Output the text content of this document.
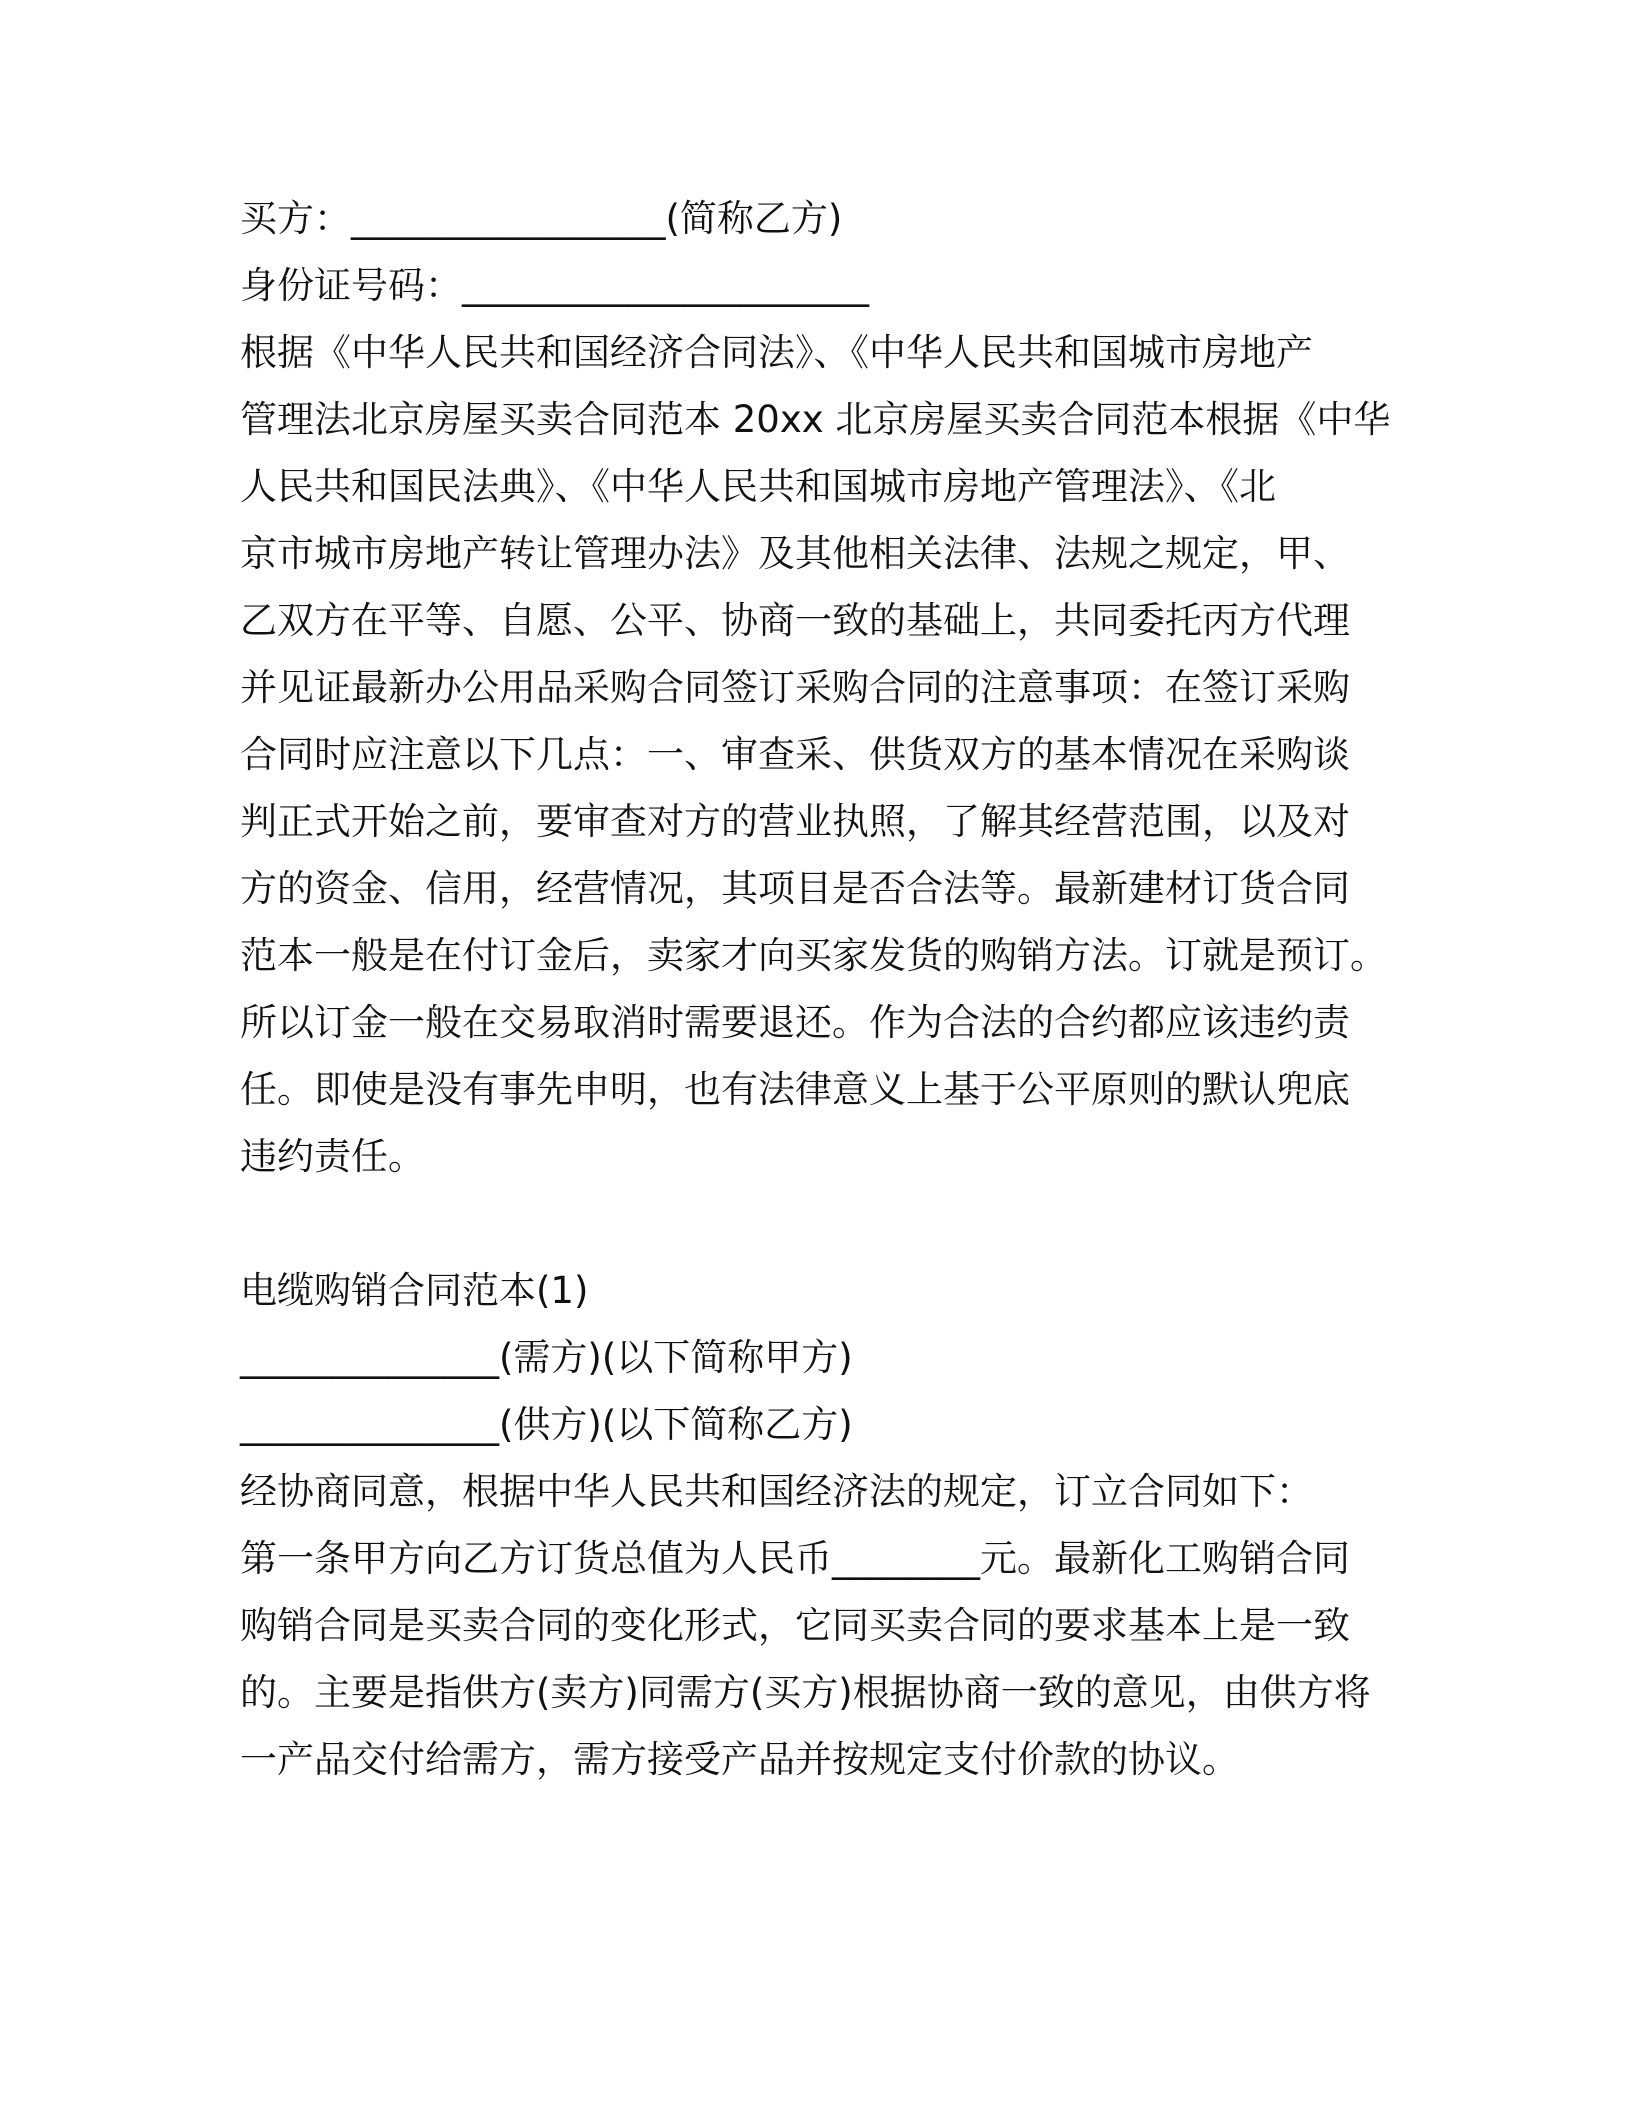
买方：_________________(简称乙方)
身份证号码：______________________
根据《中华人民共和国经济合同法》、《中华人民共和国城市房地产
管理法北京房屋买卖合同范本 20xx 北京房屋买卖合同范本根据《中华
人民共和国民法典》、《中华人民共和国城市房地产管理法》、《北
京市城市房地产转让管理办法》及其他相关法律、法规之规定，甲、
乙双方在平等、自愿、公平、协商一致的基础上，共同委托丙方代理
并见证最新办公用品采购合同签订采购合同的注意事项：在签订采购
合同时应注意以下几点：一、审查采、供货双方的基本情况在采购谈
判正式开始之前，要审查对方的营业执照，了解其经营范围，以及对
方的资金、信用，经营情况，其项目是否合法等。最新建材订货合同
范本一般是在付订金后，卖家才向买家发货的购销方法。订就是预订。
所以订金一般在交易取消时需要退还。作为合法的合约都应该违约责
任。即使是没有事先申明，也有法律意义上基于公平原则的默认兜底
违约责任。
电缆购销合同范本(1)
______________(需方)(以下简称甲方)
______________(供方)(以下简称乙方)
经协商同意，根据中华人民共和国经济法的规定，订立合同如下：
第一条甲方向乙方订货总值为人民币________元。最新化工购销合同
购销合同是买卖合同的变化形式，它同买卖合同的要求基本上是一致
的。主要是指供方(卖方)同需方(买方)根据协商一致的意见，由供方将
一产品交付给需方，需方接受产品并按规定支付价款的协议。
